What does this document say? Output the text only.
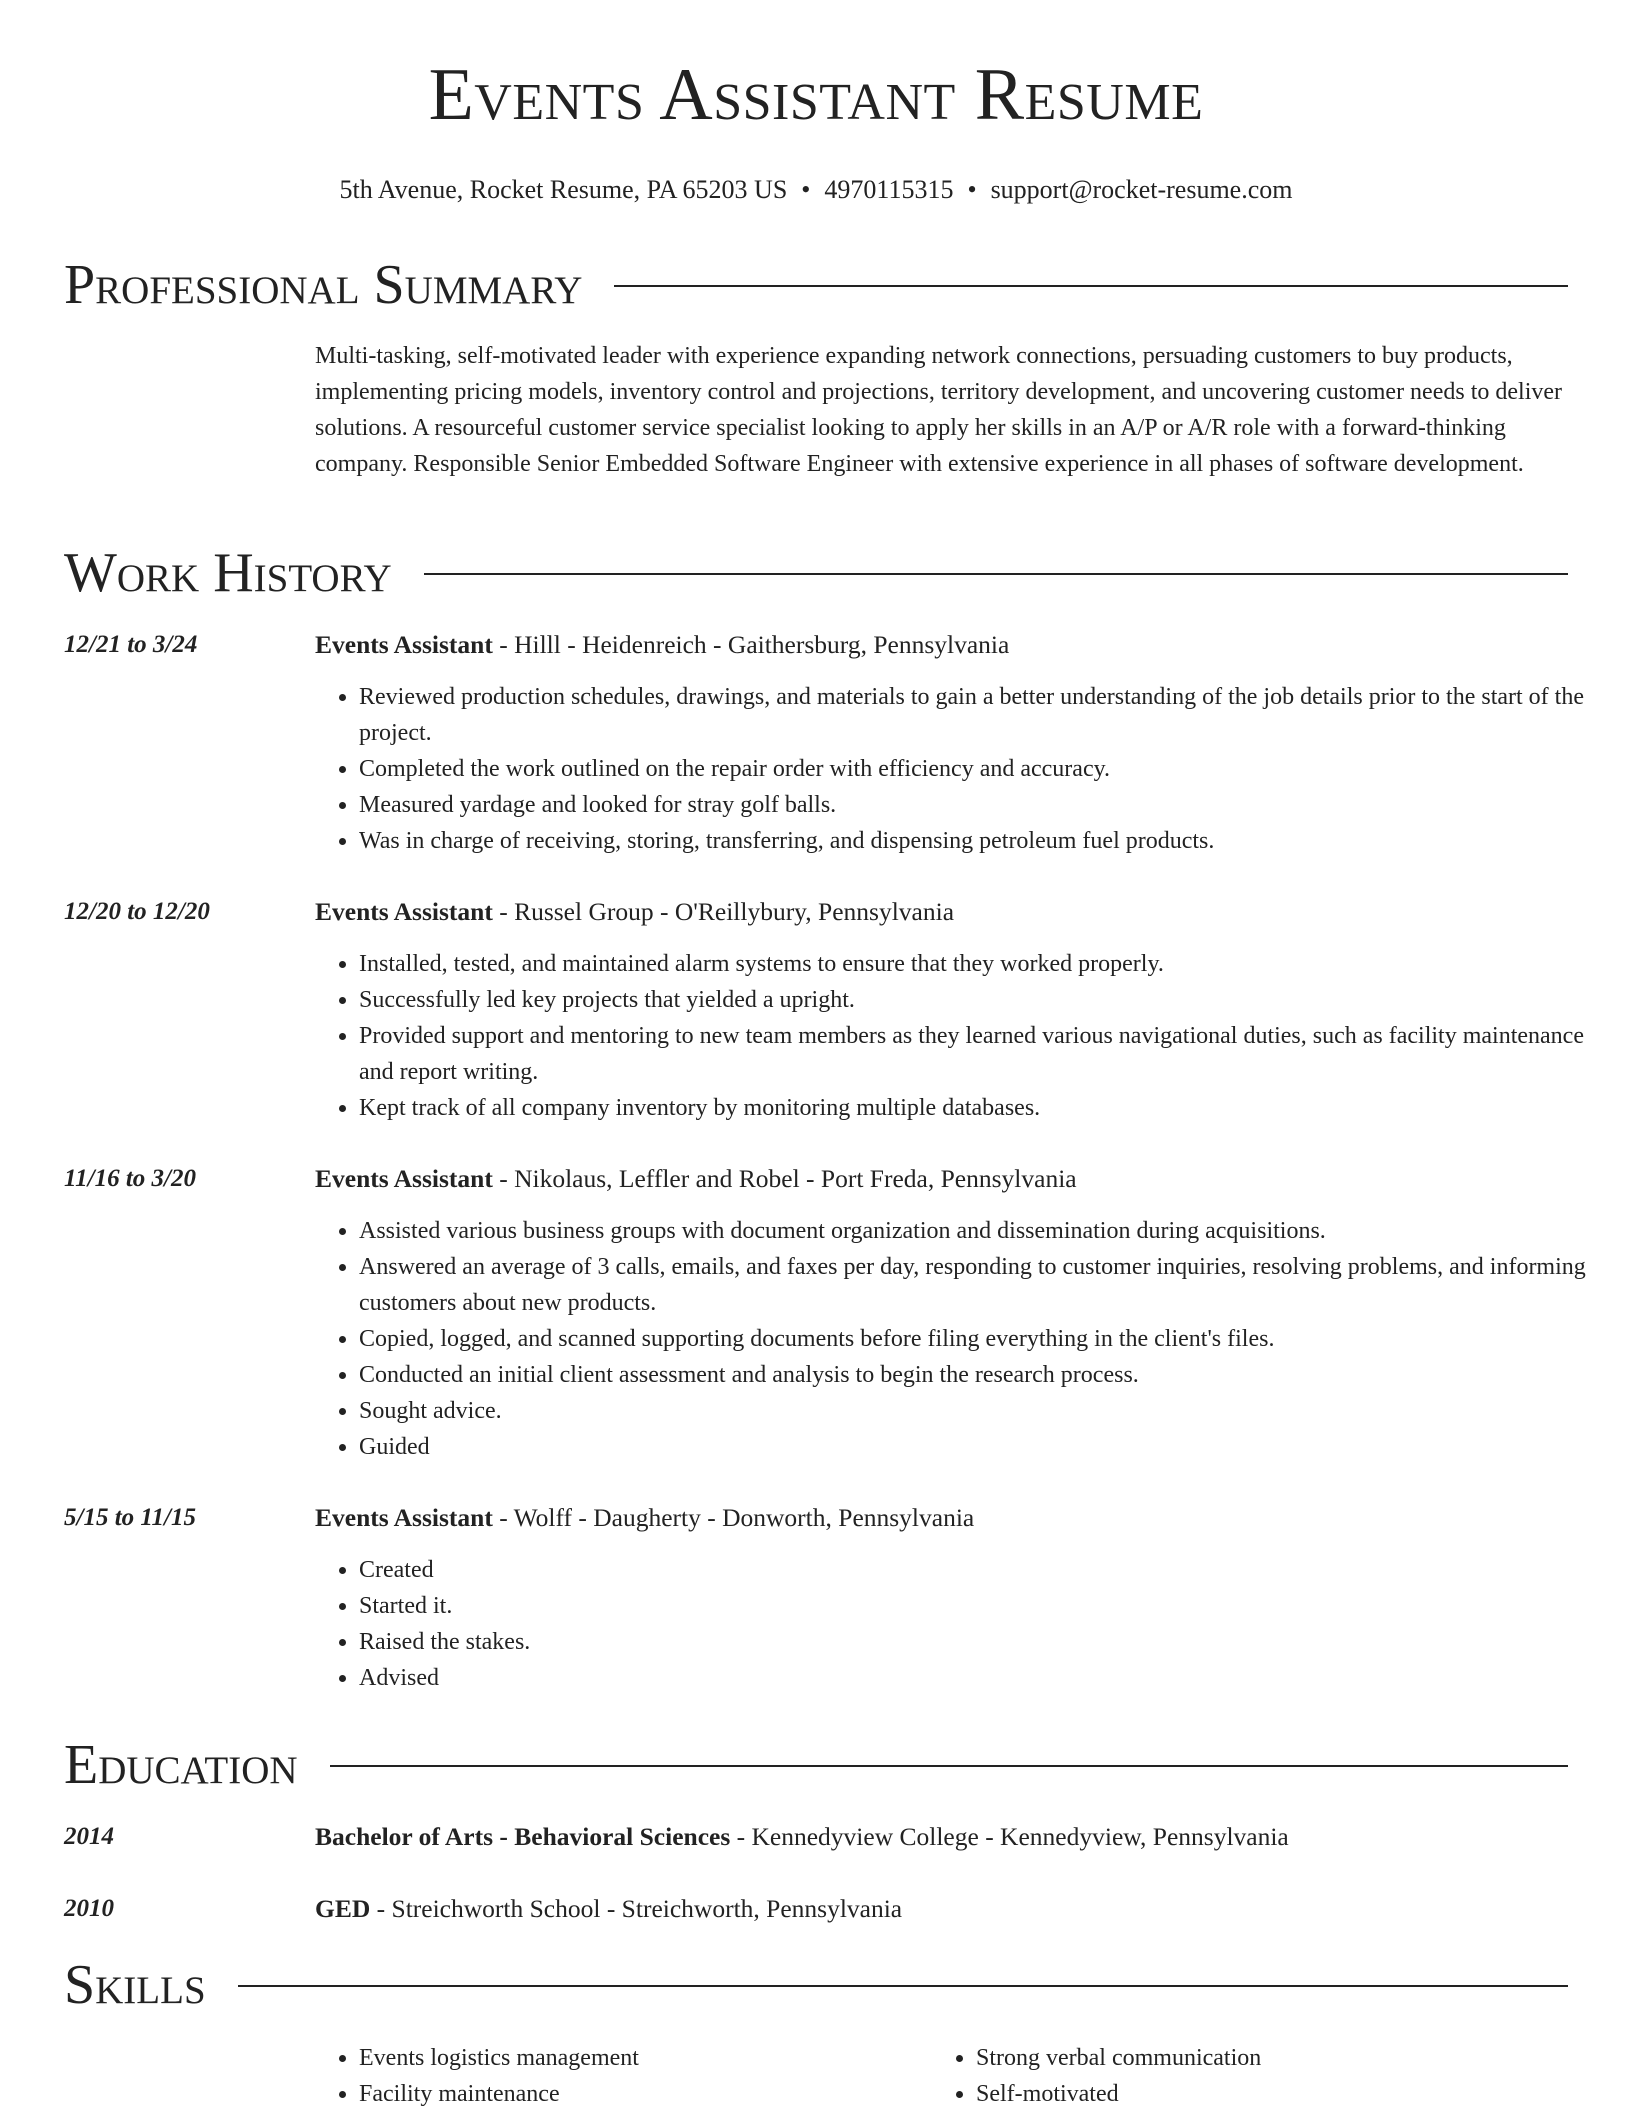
Events Assistant Resume
5th Avenue, Rocket Resume, PA 65203 US • 4970115315 • support@rocket-resume.com
Professional Summary

Multi-tasking, self-motivated leader with experience expanding network connections, persuading customers to buy products, implementing pricing models, inventory control and projections, territory development, and uncovering customer needs to deliver solutions. A resourceful customer service specialist looking to apply her skills in an A/P or A/R role with a forward-thinking company. Responsible Senior Embedded Software Engineer with extensive experience in all phases of software development.

Work History
12/21 to 3/24	Events Assistant - Hilll - Heidenreich - Gaithersburg, Pennsylvania
• Reviewed production schedules, drawings, and materials to gain a better understanding of the job details prior to the start of the project.
• Completed the work outlined on the repair order with efficiency and accuracy.
• Measured yardage and looked for stray golf balls.
• Was in charge of receiving, storing, transferring, and dispensing petroleum fuel products.
12/20 to 12/20	Events Assistant - Russel Group - O'Reillybury, Pennsylvania
• Installed, tested, and maintained alarm systems to ensure that they worked properly.
• Successfully led key projects that yielded a upright.
• Provided support and mentoring to new team members as they learned various navigational duties, such as facility maintenance and report writing.
• Kept track of all company inventory by monitoring multiple databases.
11/16 to 3/20	Events Assistant - Nikolaus, Leffler and Robel - Port Freda, Pennsylvania
• Assisted various business groups with document organization and dissemination during acquisitions.
• Answered an average of 3 calls, emails, and faxes per day, responding to customer inquiries, resolving problems, and informing customers about new products.
• Copied, logged, and scanned supporting documents before filing everything in the client's files.
• Conducted an initial client assessment and analysis to begin the research process.
• Sought advice.
• Guided
5/15 to 11/15	Events Assistant - Wolff - Daugherty - Donworth, Pennsylvania
• Created
• Started it.
• Raised the stakes.
• Advised
Education
2014	Bachelor of Arts - Behavioral Sciences - Kennedyview College - Kennedyview, Pennsylvania
2010	GED - Streichworth School - Streichworth, Pennsylvania
Skills
• Events logistics management
• Facility maintenance
• Strong verbal communication
• Self-motivated
